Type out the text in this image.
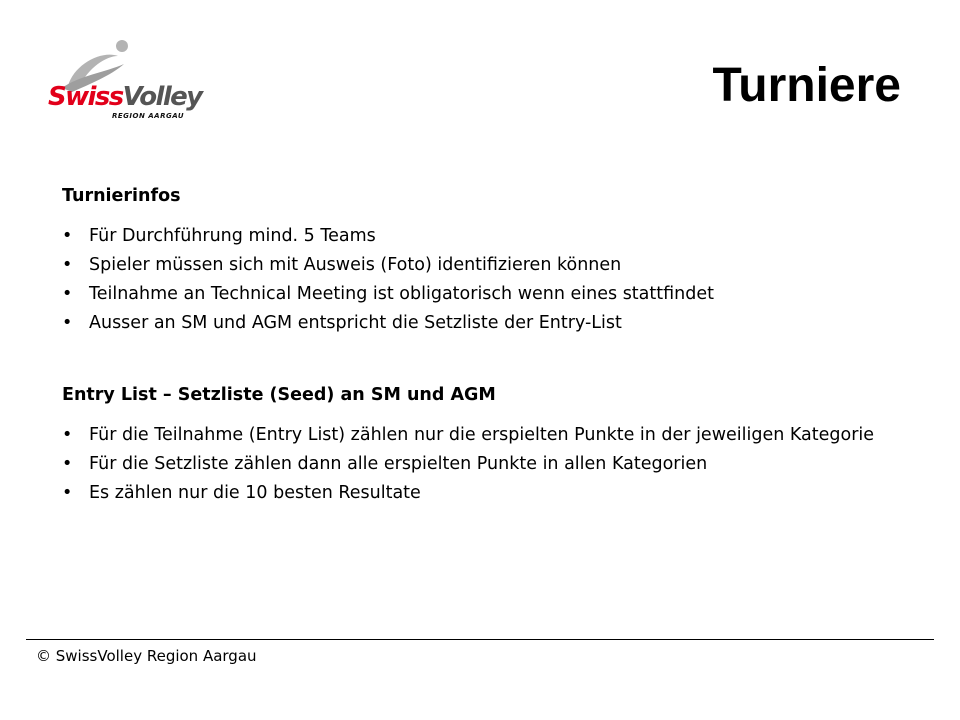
SwissVolley
REGION AARGAU
Turniere

Turnierinfos

• Für Durchführung mind. 5 Teams
• Spieler müssen sich mit Ausweis (Foto) identifizieren können
• Teilnahme an Technical Meeting ist obligatorisch wenn eines stattfindet
• Ausser an SM und AGM entspricht die Setzliste der Entry-List

Entry List – Setzliste (Seed) an SM und AGM

• Für die Teilnahme (Entry List) zählen nur die erspielten Punkte in der jeweiligen Kategorie
• Für die Setzliste zählen dann alle erspielten Punkte in allen Kategorien
• Es zählen nur die 10 besten Resultate
© SwissVolley Region Aargau
